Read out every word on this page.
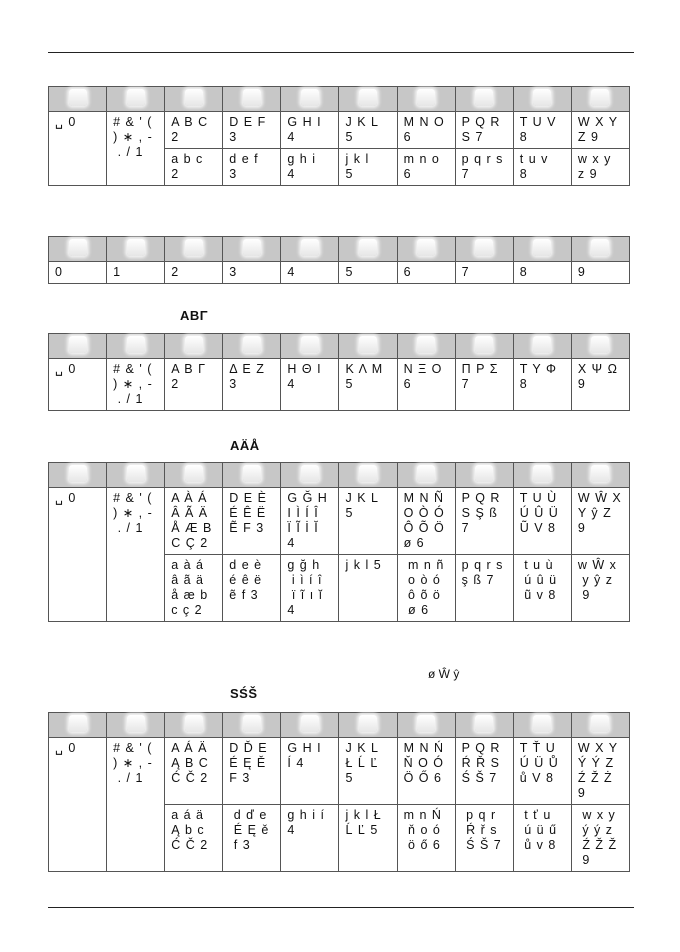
␣ 0	# & ' (
) ∗ , -
. / 1	A B C
2	D E F
3	G H I
4	J K L
5	M N O
6	P Q R
S 7	T U V
8	W X Y
Z 9
		a b c
2	d e f
3	g h i
4	j k l
5	m n o
6	p q r s
7	t u v
8	w x y
z 9

0	1	2	3	4	5	6	7	8	9
ΑΒΓ

␣ 0	# & ' (
) ∗ , -
. / 1	Α Β Γ
2	Δ Ε Ζ
3	Η Θ Ι
4	Κ Λ Μ
5	Ν Ξ Ο
6	Π Ρ Σ
7	Τ Υ Φ
8	Χ Ψ Ω
9
AÄÅ

␣ 0	# & ' (
) ∗ , -
. / 1	A À Á
Â Ã Ä
Å Æ B
C Ç 2	D E È
É Ê Ë
Ẽ F 3	G Ğ H
I Ì Í Î
Ï Ĩ İ Ĭ
4	J K L
5	M N Ñ
O Ò Ó
Ô Õ Ö
ø 6	P Q R
S Ş ß
7	T U Ù
Ú Û Ü
Ũ V 8	W Ŵ X
Y ŷ Z
9
		a à á
â ã ä
å æ b
c ç 2	d e è
é ê ë
ẽ f 3	g ğ h
i ì í î
ï ĩ ı ĭ
4	j k l 5	m n ñ
o ò ó
ô õ ö
ø 6	p q r s
ş ß 7	t u ù
ú û ü
ũ v 8	w Ŵ x
y ŷ z
9
ø Ŵ ŷ
SŚŠ

␣ 0	# & ' (
) ∗ , -
. / 1	A Á Ä
Ą B C
Ć Č 2	D Ď E
É Ę Ě
F 3	G H I
Í 4	J K L
Ł Ĺ Ľ
5	M N Ń
Ň O Ó
Ö Ő 6	P Q R
Ŕ Ř S
Ś Š 7	T Ť U
Ú Ü Ů
ů V 8	W X Y
Ý Ý Z
Ź Ž Ż
9
		a á ä
Ą b c
Ć Č 2	d ď e
É Ę ě
f 3	g h i í
4	j k l Ł
Ĺ Ľ 5	m n Ń
ň o ó
ö ő 6	p q r
Ŕ ř s
Ś Š 7	t ť u
ú ü ű
ů v 8	w x y
ý ý z
Ź Ž Ž
9
